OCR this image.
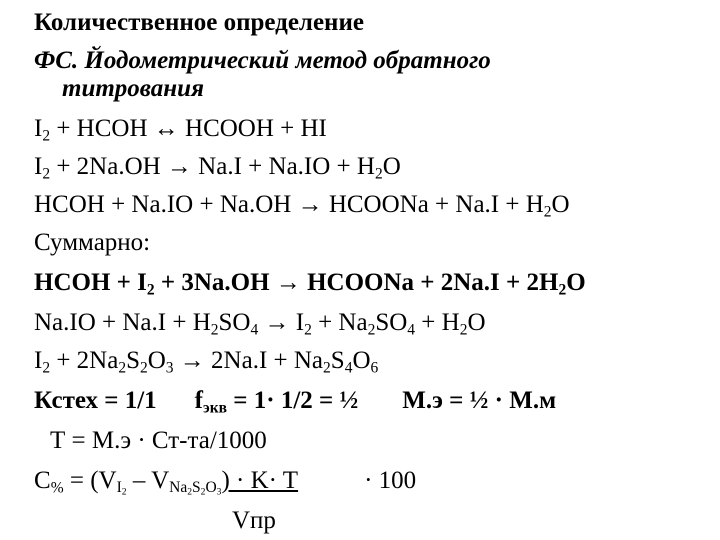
Количественное определение
ФС. Йодометрический метод обратного
титрования
$I_2$ + HCOH ↔ HCOOH + HI
$I_2 + 2Na.OH \to Na.I + Na.IO + H_2O$
HCOH + Na.IO + Na.OH → HCOONa + $Na.I + H_2O$
Суммарно:
HCOH + $I_2 + 3Na.OH$ → HCOONa + $2Na.I + 2H_2O$
$Na.IO + Na.I + H_2SO_4 \to I_2 + Na_2SO_4 + H_2O$
$I_2 + 2Na_2S_2O_3 \to 2Na.I + Na_2S_4O_6$
Кстех = 1/1 $f_{экв} = 1\cdot 1/2$ = ½ М.э = ½ · М.м
Т = М.э · Ст-та/1000
$C_{\%} = (V_{I_2} - V_{Na_2S_2O_3}) \cdot K\cdot T$	· 100
Vпр
